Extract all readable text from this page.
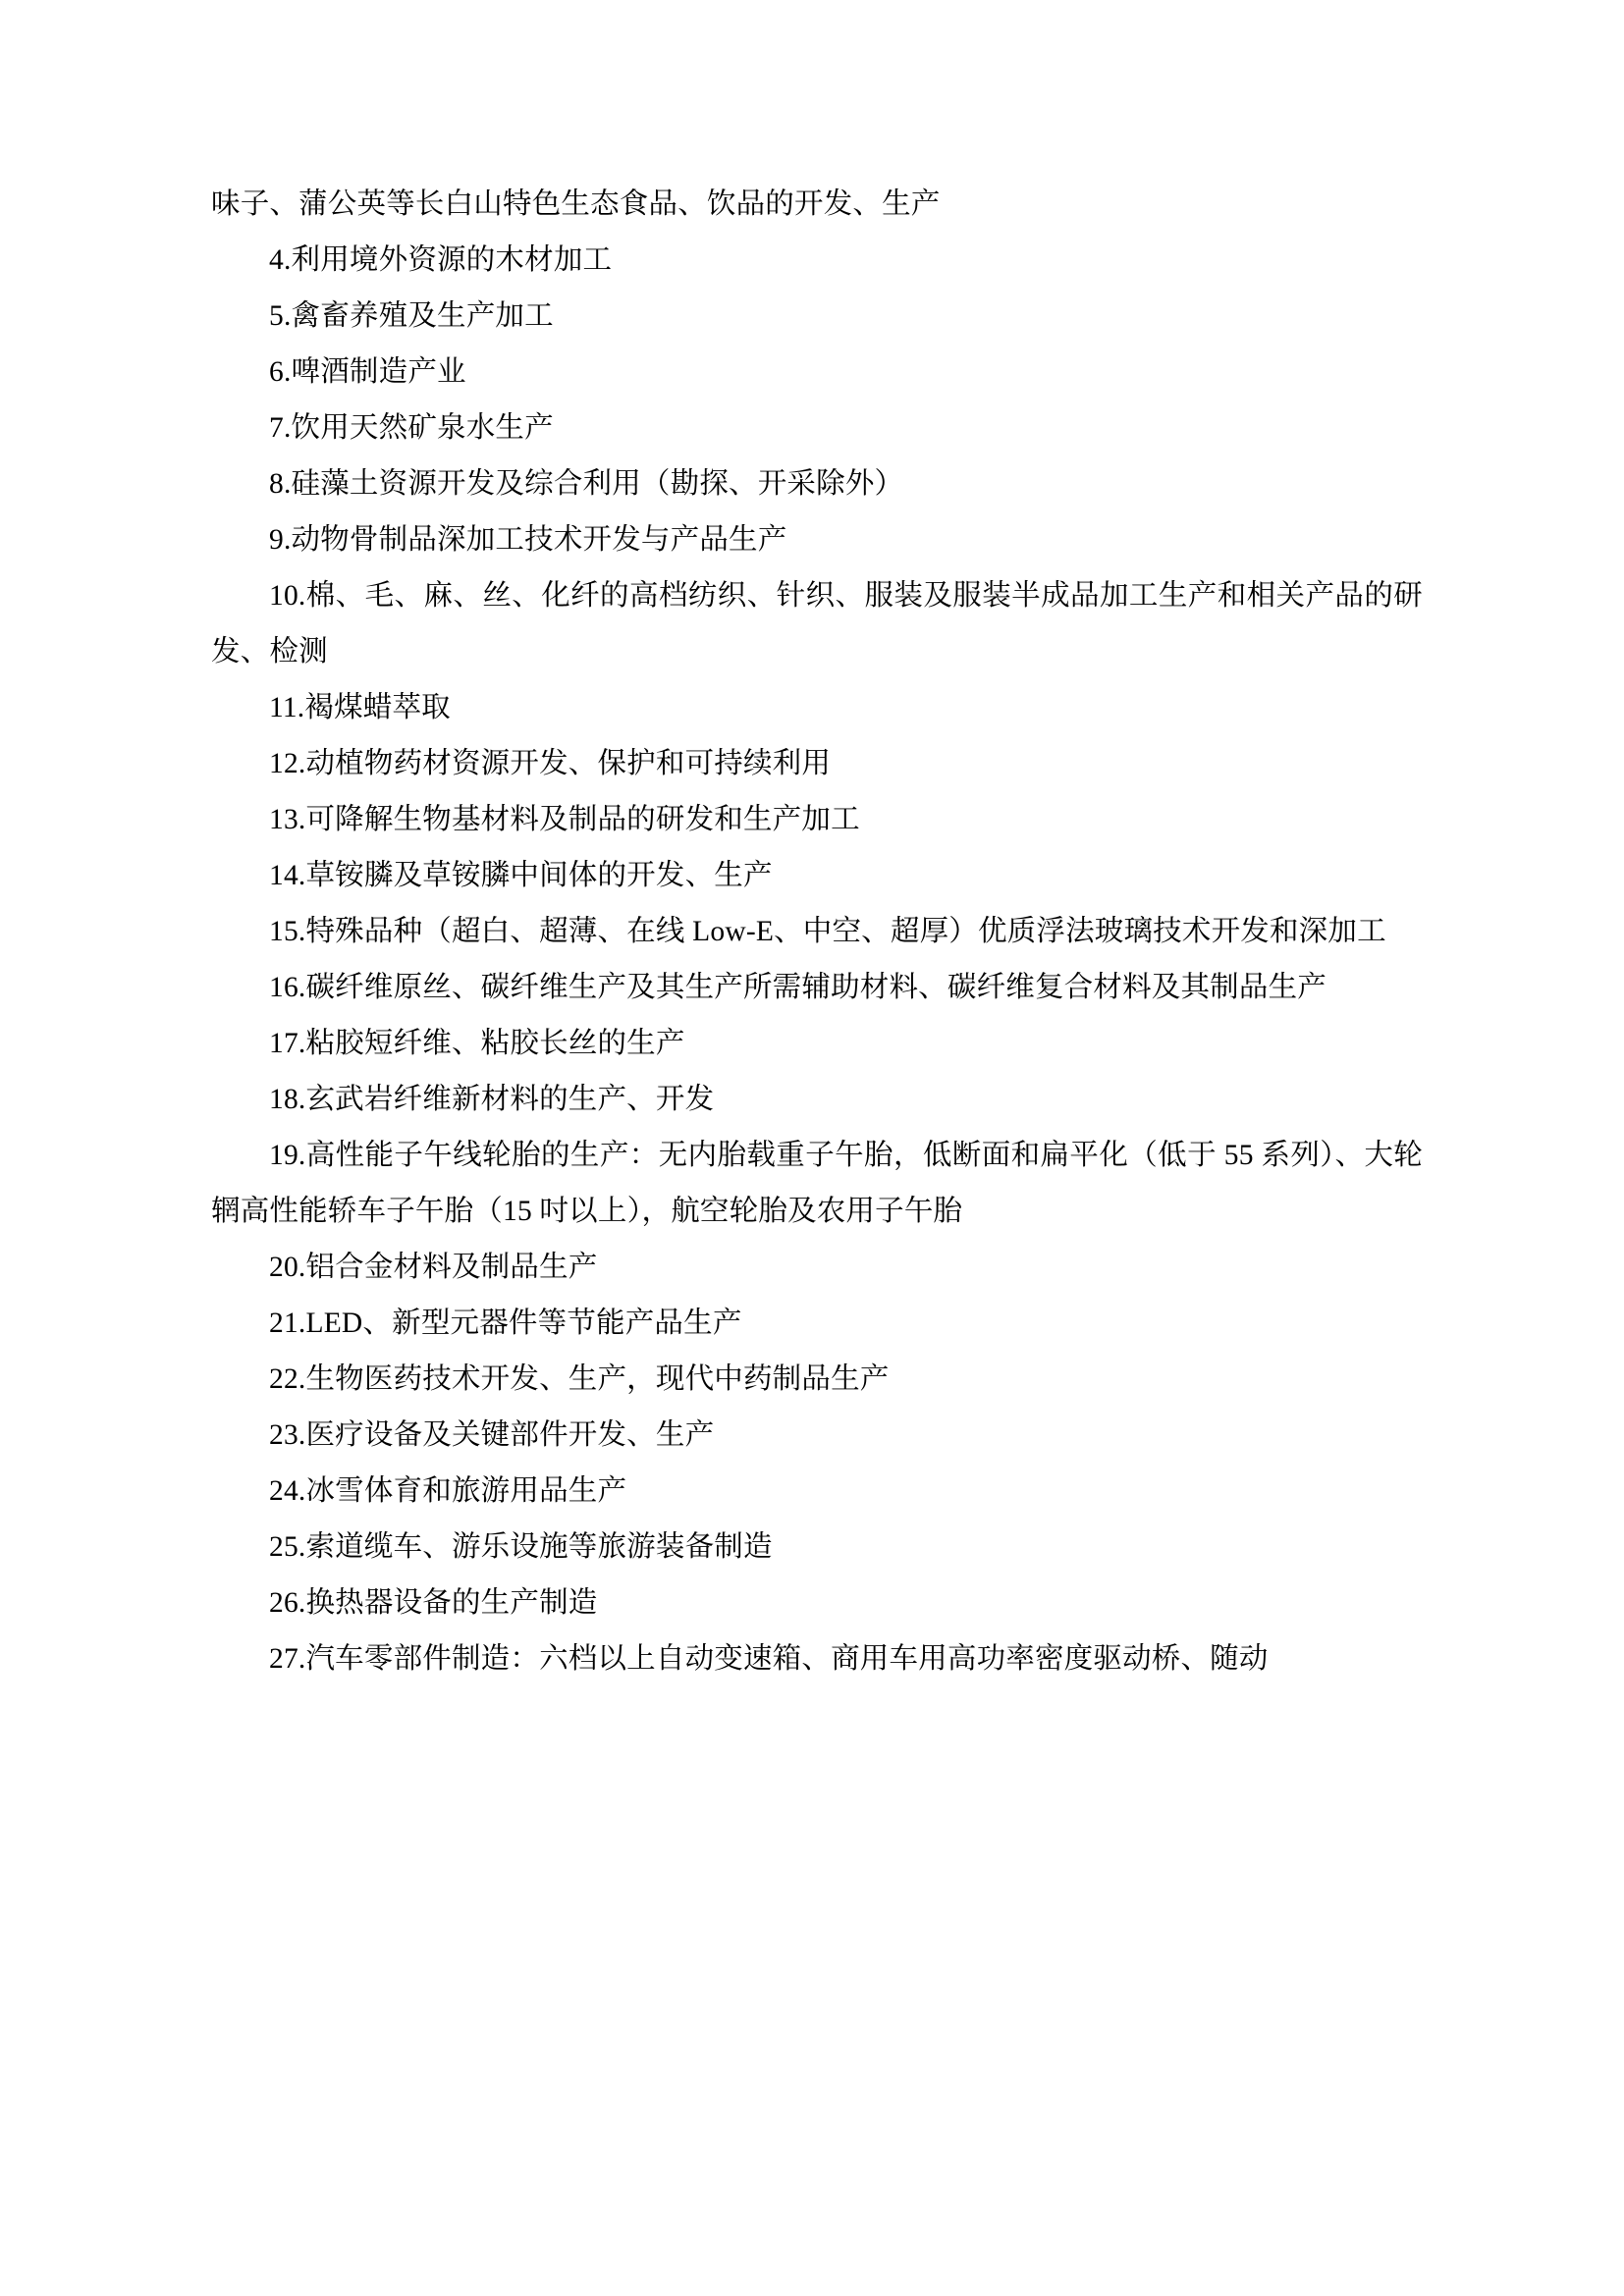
味子、蒲公英等长白山特色生态食品、饮品的开发、生产

4.利用境外资源的木材加工

5.禽畜养殖及生产加工

6.啤酒制造产业

7.饮用天然矿泉水生产

8.硅藻土资源开发及综合利用（勘探、开采除外）

9.动物骨制品深加工技术开发与产品生产

10.棉、毛、麻、丝、化纤的高档纺织、针织、服装及服装半成品加工生产和相关产品的研发、检测

11.褐煤蜡萃取

12.动植物药材资源开发、保护和可持续利用

13.可降解生物基材料及制品的研发和生产加工

14.草铵膦及草铵膦中间体的开发、生产

15.特殊品种（超白、超薄、在线 Low-E、中空、超厚）优质浮法玻璃技术开发和深加工

16.碳纤维原丝、碳纤维生产及其生产所需辅助材料、碳纤维复合材料及其制品生产

17.粘胶短纤维、粘胶长丝的生产

18.玄武岩纤维新材料的生产、开发

19.高性能子午线轮胎的生产：无内胎载重子午胎，低断面和扁平化（低于 55 系列）、大轮辋高性能轿车子午胎（15 吋以上），航空轮胎及农用子午胎

20.铝合金材料及制品生产

21.LED、新型元器件等节能产品生产

22.生物医药技术开发、生产，现代中药制品生产

23.医疗设备及关键部件开发、生产

24.冰雪体育和旅游用品生产

25.索道缆车、游乐设施等旅游装备制造

26.换热器设备的生产制造

27.汽车零部件制造：六档以上自动变速箱、商用车用高功率密度驱动桥、随动
